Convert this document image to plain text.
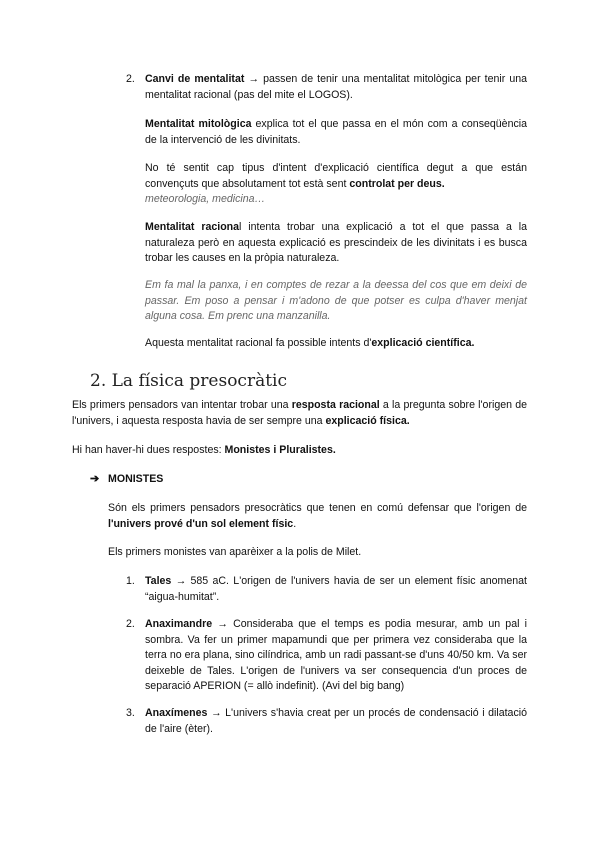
2. Canvi de mentalitat → passen de tenir una mentalitat mitològica per tenir una mentalitat racional (pas del mite el LOGOS).

Mentalitat mitològica explica tot el que passa en el món com a conseqüència de la intervenció de les divinitats.

No té sentit cap tipus d'intent d'explicació científica degut a que están convençuts que absolutament tot està sent controlat per deus.
meteorologia, medicina…

Mentalitat racional intenta trobar una explicació a tot el que passa a la naturaleza però en aquesta explicació es prescindeix de les divinitats i es busca trobar les causes en la pròpia naturaleza.

Em fa mal la panxa, i en comptes de rezar a la deessa del cos que em deixi de passar. Em poso a pensar i m'adono de que potser es culpa d'haver menjat alguna cosa. Em prenc una manzanilla.

Aquesta mentalitat racional fa possible intents d'explicació científica.

2. La física presocràtic

Els primers pensadors van intentar trobar una resposta racional a la pregunta sobre l'origen de l'univers, i aquesta resposta havia de ser sempre una explicació física.

Hi han haver-hi dues respostes: Monistes i Pluralistes.

➔ MONISTES

Són els primers pensadors presocràtics que tenen en comú defensar que l'origen de l'univers prové d'un sol element físic.

Els primers monistes van aparèixer a la polis de Milet.

1. Tales → 585 aC. L'origen de l'univers havia de ser un element físic anomenat “aigua-humitat”.

2. Anaximandre → Consideraba que el temps es podia mesurar, amb un pal i sombra. Va fer un primer mapamundi que per primera vez consideraba que la terra no era plana, sino cilíndrica, amb un radi passant-se d'uns 40/50 km. Va ser deixeble de Tales. L'origen de l'univers va ser consequencia d'un proces de separació APERION (= allò indefinit). (Avi del big bang)

3. Anaxímenes → L'univers s'havia creat per un procés de condensació i dilatació de l'aire (èter).
